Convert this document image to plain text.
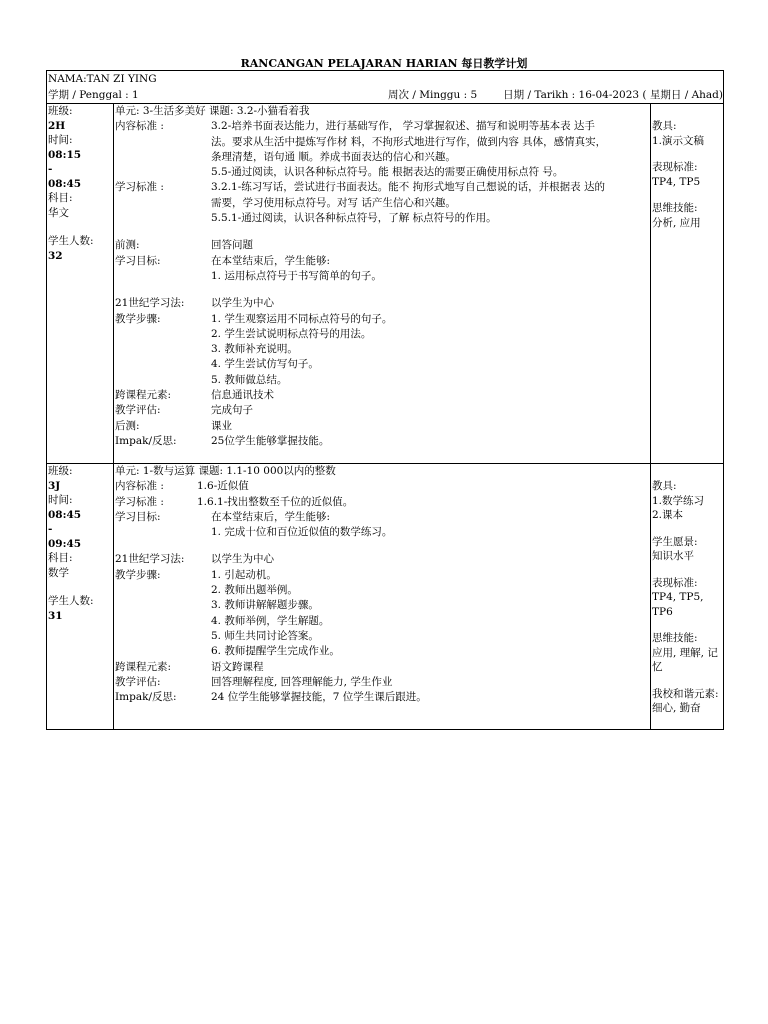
RANCANGAN PELAJARAN HARIAN 每日教学计划
NAMA:TAN ZI YING
学期 / Penggal : 1	周次 / Minggu : 5 日期 / Tarikh : 16-04-2023 ( 星期日 / Ahad)
班级:
2H
时间:
08:15
-
08:45
科目:
华文
学生人数:
32
单元: 3-生活多美好 课题: 3.2-小猫看着我
内容标准 :	3.2-培养书面表达能力，进行基础写作， 学习掌握叙述、描写和说明等基本表 达手
法。要求从生活中提炼写作材 料，不拘形式地进行写作，做到内容 具体，感情真实，
条理清楚，语句通 顺。养成书面表达的信心和兴趣。
5.5-通过阅读，认识各种标点符号。能 根据表达的需要正确使用标点符 号。
学习标准 :	3.2.1-练习写话，尝试进行书面表达。能不 拘形式地写自己想说的话，并根据表 达的
需要，学习使用标点符号。对写 话产生信心和兴趣。
5.5.1-通过阅读，认识各种标点符号，了解 标点符号的作用。
前测:	回答问题
学习目标:	在本堂结束后，学生能够:
1. 运用标点符号于书写简单的句子。
21世纪学习法:	以学生为中心
教学步骤:	1. 学生观察运用不同标点符号的句子。
2. 学生尝试说明标点符号的用法。
3. 教师补充说明。
4. 学生尝试仿写句子。
5. 教师做总结。
跨课程元素:	信息通讯技术
教学评估:	完成句子
后测:	课业
Impak/反思:	25位学生能够掌握技能。
教具:
1.演示文稿
表现标准:
TP4, TP5
思维技能:
分析, 应用
班级:
3J
时间:
08:45
-
09:45
科目:
数学
学生人数:
31
单元: 1-数与运算 课题: 1.1-10 000以内的整数
内容标准 :	1.6-近似值
学习标准 :	1.6.1-找出整数至千位的近似值。
学习目标:	在本堂结束后，学生能够:
1. 完成十位和百位近似值的数学练习。
21世纪学习法:	以学生为中心
教学步骤:	1. 引起动机。
2. 教师出题举例。
3. 教师讲解解题步骤。
4. 教师举例，学生解题。
5. 师生共同讨论答案。
6. 教师提醒学生完成作业。
跨课程元素:	语文跨课程
教学评估:	回答理解程度, 回答理解能力, 学生作业
Impak/反思:	24 位学生能够掌握技能，7 位学生课后跟进。
教具:
1.数学练习
2.课本
学生愿景:
知识水平
表现标准:
TP4, TP5, TP6
思维技能:
应用, 理解, 记忆
我校和谐元素:
细心, 勤奋
